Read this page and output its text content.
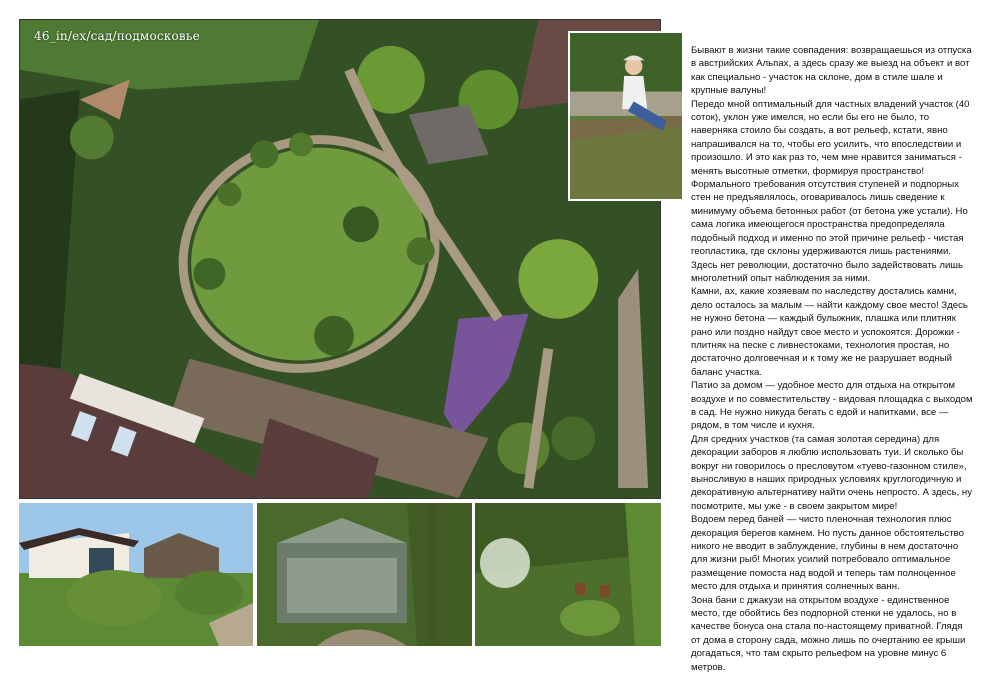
46_in/ex/сад/подмосковье

Бывают в жизни такие совпадения: возвращаешься из отпуска в австрийских Альпах, а здесь сразу же выезд на объект и вот как специально - участок на склоне, дом в стиле шале и крупные валуны!

Передо мной оптимальный для частных владений участок (40 соток), уклон уже имелся, но если бы его не было, то наверняка стоило бы создать, а вот рельеф, кстати, явно напрашивался на то, чтобы его усилить, что впоследствии и произошло. И это как раз то, чем мне нравится заниматься - менять высотные отметки, формируя пространство!

Формального требования отсутствия ступеней и подпорных стен не предъявлялось, оговаривалось лишь сведение к минимуму объема бетонных работ (от бетона уже устали). Но сама логика имеющегося пространства предопределяла подобный подход и именно по этой причине рельеф - чистая геопластика, где склоны удерживаются лишь растениями. Здесь нет революции, достаточно было задействовать лишь многолетний опыт наблюдения за ними.

Камни, ах, какие хозяевам по наследству достались камни, дело осталось за малым — найти каждому свое место! Здесь не нужно бетона — каждый булыжник, плашка или плитняк рано или поздно найдут свое место и успокоятся. Дорожки - плитняк на песке с ливнестоками, технология простая, но достаточно долговечная и к тому же не разрушает водный баланс участка.

Патио за домом — удобное место для отдыха на открытом воздухе и по совместительству - видовая площадка с выходом в сад. Не нужно никуда бегать с едой и напитками, все — рядом, в том числе и кухня.

Для средних участков (та самая золотая середина) для декорации заборов я люблю использовать туи. И сколько бы вокруг ни говорилось о пресловутом «туево-газонном стиле», выносливую в наших природных условиях круглогодичную и декоративную альтернативу найти очень непросто. А здесь, ну посмотрите, мы уже - в своем закрытом мире!

Водоем перед баней — чисто пленочная технология плюс декорация берегов камнем. Но пусть данное обстоятельство никого не вводит в заблуждение, глубины в нем достаточно для жизни рыб! Многих усилий потребовало оптимальное размещение помоста над водой и теперь там полноценное место для отдыха и принятия солнечных ванн.

Зона бани с джакузи на открытом воздухе - единственное место, где обойтись без подпорной стенки не удалось, но в качестве бонуса она стала по-настоящему приватной. Глядя от дома в сторону сада, можно лишь по очертанию ее крыши догадаться, что там скрыто рельефом на уровне минус 6 метров.
